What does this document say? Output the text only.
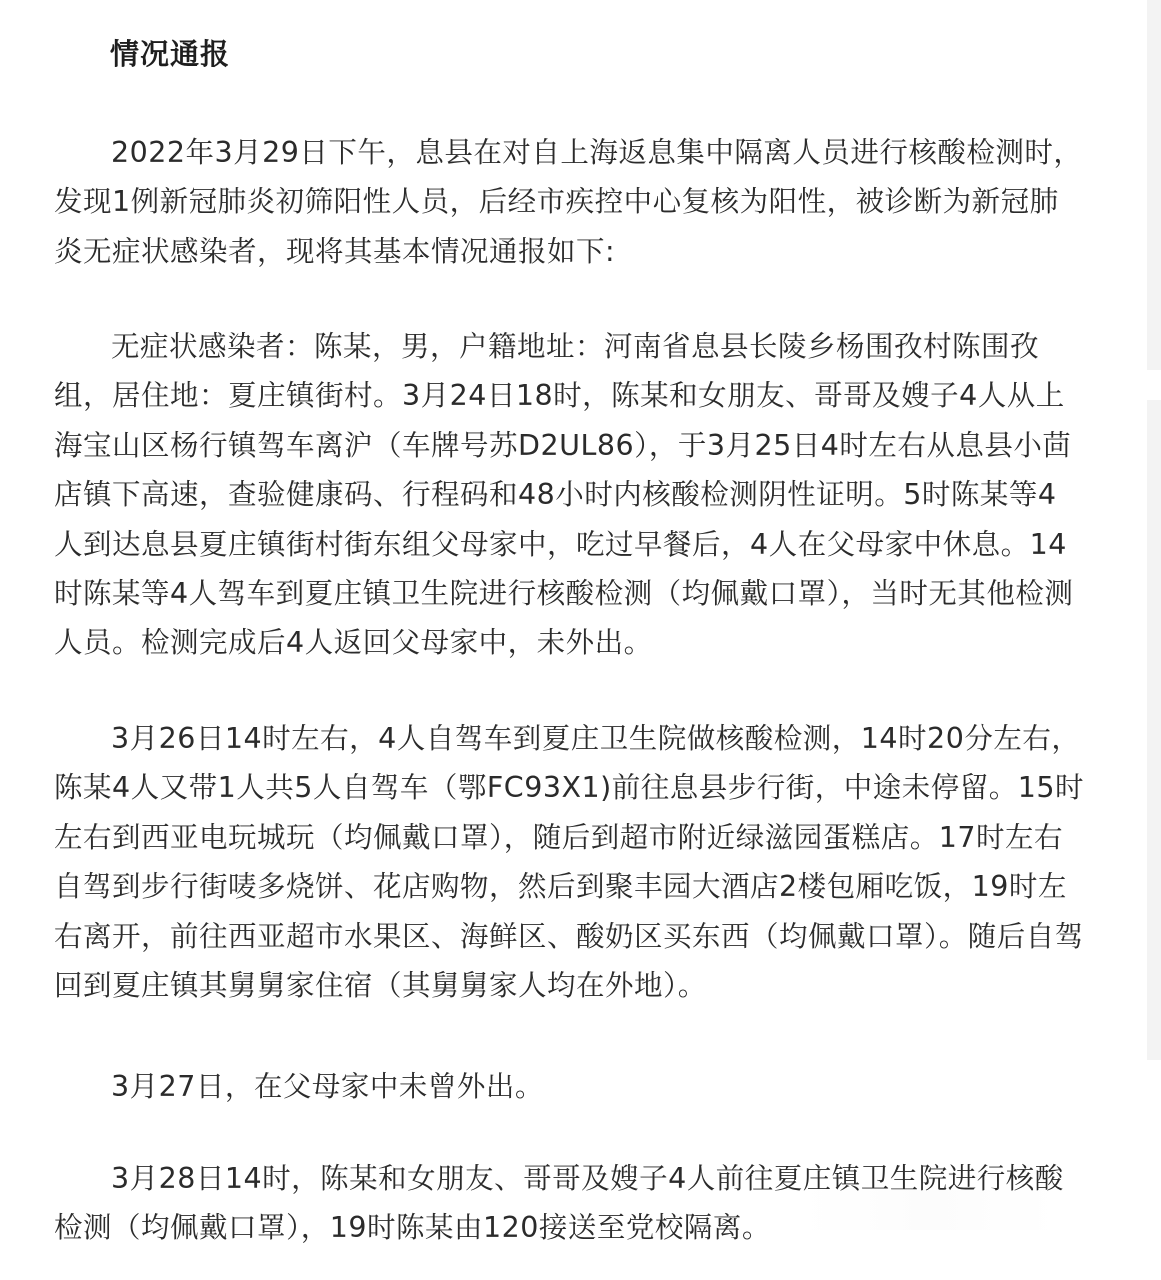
情况通报

2022年3月29日下午，息县在对自上海返息集中隔离人员进行核酸检测时，发现1例新冠肺炎初筛阳性人员，后经市疾控中心复核为阳性，被诊断为新冠肺炎无症状感染者，现将其基本情况通报如下:

无症状感染者：陈某，男，户籍地址：河南省息县长陵乡杨围孜村陈围孜组，居住地：夏庄镇街村。3月24日18时，陈某和女朋友、哥哥及嫂子4人从上海宝山区杨行镇驾车离沪（车牌号苏D2UL86），于3月25日4时左右从息县小茴店镇下高速，查验健康码、行程码和48小时内核酸检测阴性证明。5时陈某等4人到达息县夏庄镇街村街东组父母家中，吃过早餐后，4人在父母家中休息。14时陈某等4人驾车到夏庄镇卫生院进行核酸检测（均佩戴口罩），当时无其他检测人员。检测完成后4人返回父母家中，未外出。

3月26日14时左右，4人自驾车到夏庄卫生院做核酸检测，14时20分左右，陈某4人又带1人共5人自驾车（鄂FC93X1)前往息县步行街，中途未停留。15时左右到西亚电玩城玩（均佩戴口罩），随后到超市附近绿滋园蛋糕店。17时左右自驾到步行街唛多烧饼、花店购物，然后到聚丰园大酒店2楼包厢吃饭，19时左右离开，前往西亚超市水果区、海鲜区、酸奶区买东西（均佩戴口罩）。随后自驾回到夏庄镇其舅舅家住宿（其舅舅家人均在外地）。

3月27日，在父母家中未曾外出。

3月28日14时，陈某和女朋友、哥哥及嫂子4人前往夏庄镇卫生院进行核酸检测（均佩戴口罩），19时陈某由120接送至党校隔离。
